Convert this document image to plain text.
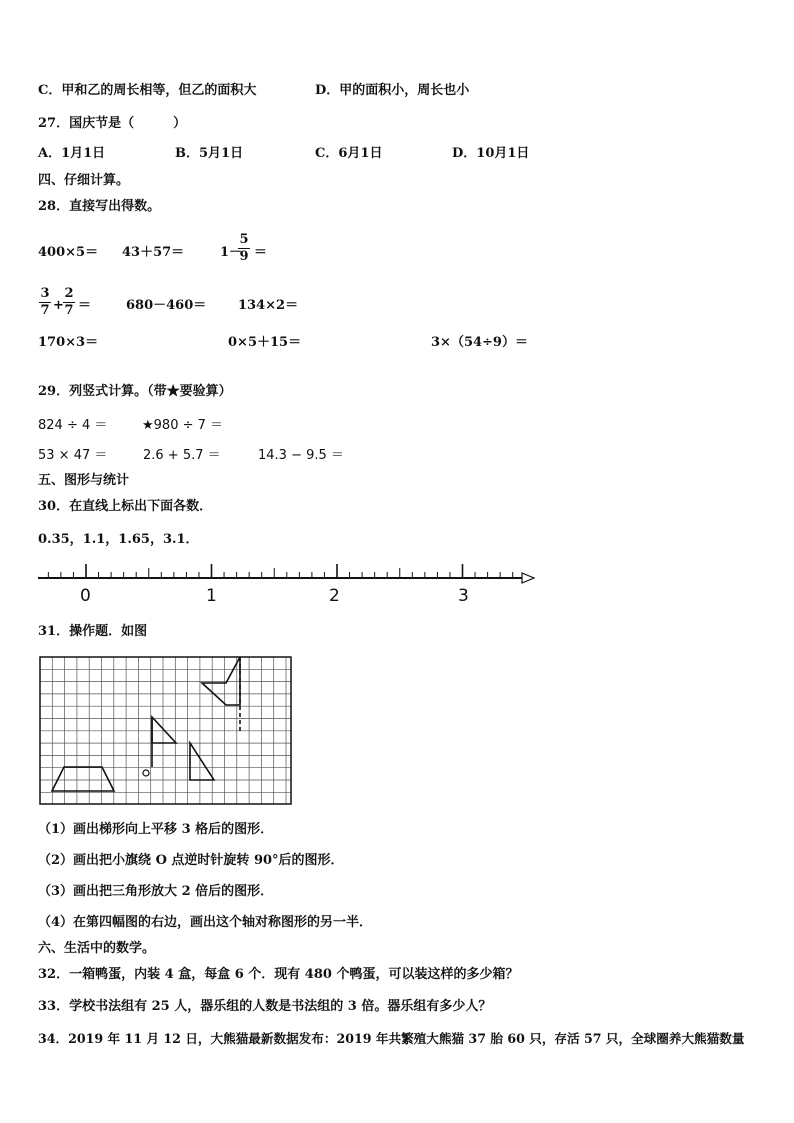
C．甲和乙的周长相等，但乙的面积大	D．甲的面积小，周长也小
27．国庆节是（　　　）
A．1月1日	B．5月1日	C．6月1日	D．10月1日
四、仔细计算。
28．直接写出得数。
400×5＝ 43＋57＝	1－
5
9 ＝
3
7 +
2
7 ＝	680－460＝ 134×2＝
170×3＝	0×5＋15＝	3×（54÷9）＝
29．列竖式计算。（带★要验算）
824 ÷ 4 ＝	★980 ÷ 7 ＝
53 × 47 ＝	2.6 + 5.7 ＝	14.3 − 9.5 ＝
五、图形与统计
30．在直线上标出下面各数．
0.35，1.1，1.65，3.1．
0	1	2	3
31．操作题．如图
（1）画出梯形向上平移 3 格后的图形．
（2）画出把小旗绕 O 点逆时针旋转 90°后的图形．
（3）画出把三角形放大 2 倍后的图形．
（4）在第四幅图的右边，画出这个轴对称图形的另一半．
六、生活中的数学。
32．一箱鸭蛋，内装 4 盒，每盒 6 个．现有 480 个鸭蛋，可以装这样的多少箱？
33．学校书法组有 25 人，器乐组的人数是书法组的 3 倍。器乐组有多少人？
34．2019 年 11 月 12 日，大熊猫最新数据发布：2019 年共繁殖大熊猫 37 胎 60 只，存活 57 只，全球圈养大熊猫数量
